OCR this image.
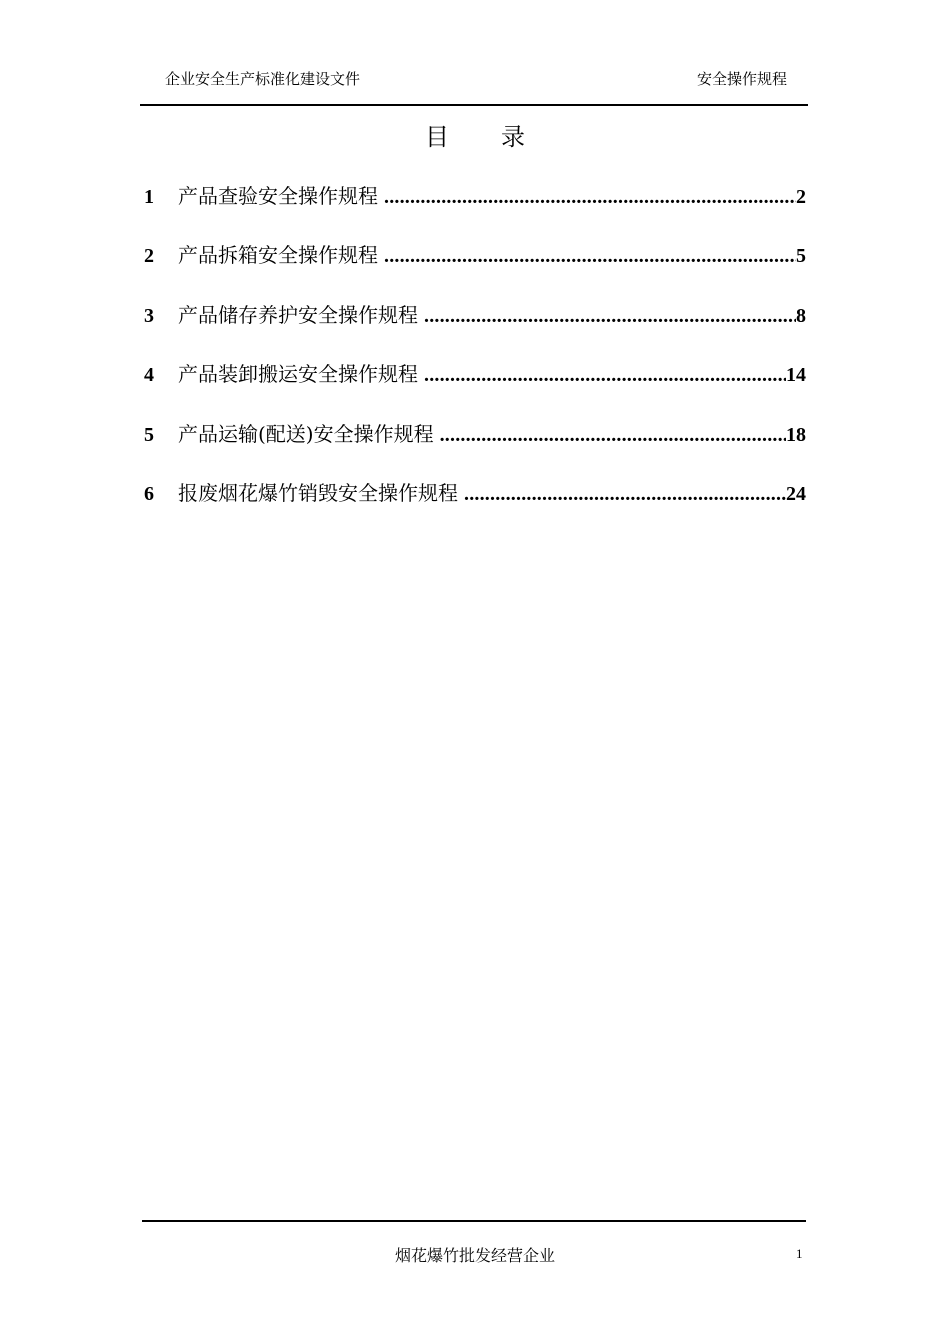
企业安全生产标准化建设文件	安全操作规程
目 录
1	产品查验安全操作规程 .....	2
2	产品拆箱安全操作规程 .....	5
3	产品储存养护安全操作规程 .....	8
4	产品装卸搬运安全操作规程 .....	14
5	产品运输(配送)安全操作规程 .....	18
6	报废烟花爆竹销毁安全操作规程 .....	24
烟花爆竹批发经营企业	1
